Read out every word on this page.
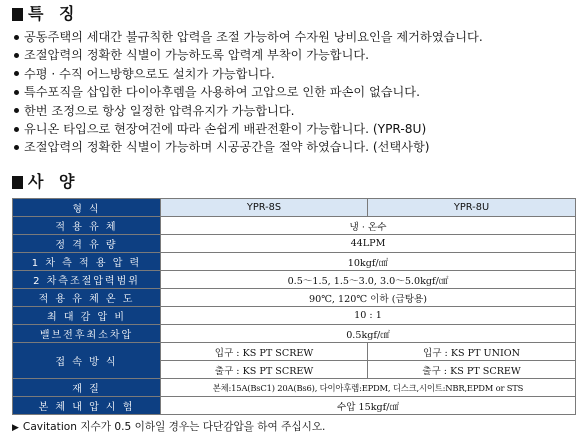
특 징
공동주택의 세대간 불규칙한 압력을 조절 가능하여 수자원 낭비요인을 제거하였습니다.
조절압력의 정확한 식별이 가능하도록 압력계 부착이 가능합니다.
수평 · 수직 어느방향으로도 설치가 가능합니다.
특수포직을 삽입한 다이아후렘을 사용하여 고압으로 인한 파손이 없습니다.
한번 조정으로 항상 일정한 압력유지가 가능합니다.
유니온 타입으로 현장여건에 따라 손쉽게 배관전환이 가능합니다. (YPR-8U)
조절압력의 정확한 식별이 가능하며 시공공간을 절약 하였습니다. (선택사항)
사 양
형 식	YPR-8S	YPR-8U
적 용 유 체	냉 · 온수	
정 격 유 량	44LPM	
1 차 측 적 용 압 력	10kgf/㎠	
2 차측조절압력범위	0.5～1.5, 1.5～3.0, 3.0～5.0kgf/㎠	
적 용 유 체 온 도	90℃, 120℃ 이하 (급탕용)	
최 대 감 압 비	10 : 1	
밸브전후최소차압	0.5kgf/㎠	
접 속 방 식	입구 : KS PT SCREW	입구 : KS PT UNION
	출구 : KS PT SCREW	출구 : KS PT SCREW
재 질	본체:15A(BsC1) 20A(Bs6), 다이아후렘:EPDM, 디스크,시이트:NBR,EPDM or STS	
본 체 내 압 시 험	수압 15kgf/㎠	
▶ Cavitation 지수가 0.5 이하일 경우는 다단감압을 하여 주십시오.
